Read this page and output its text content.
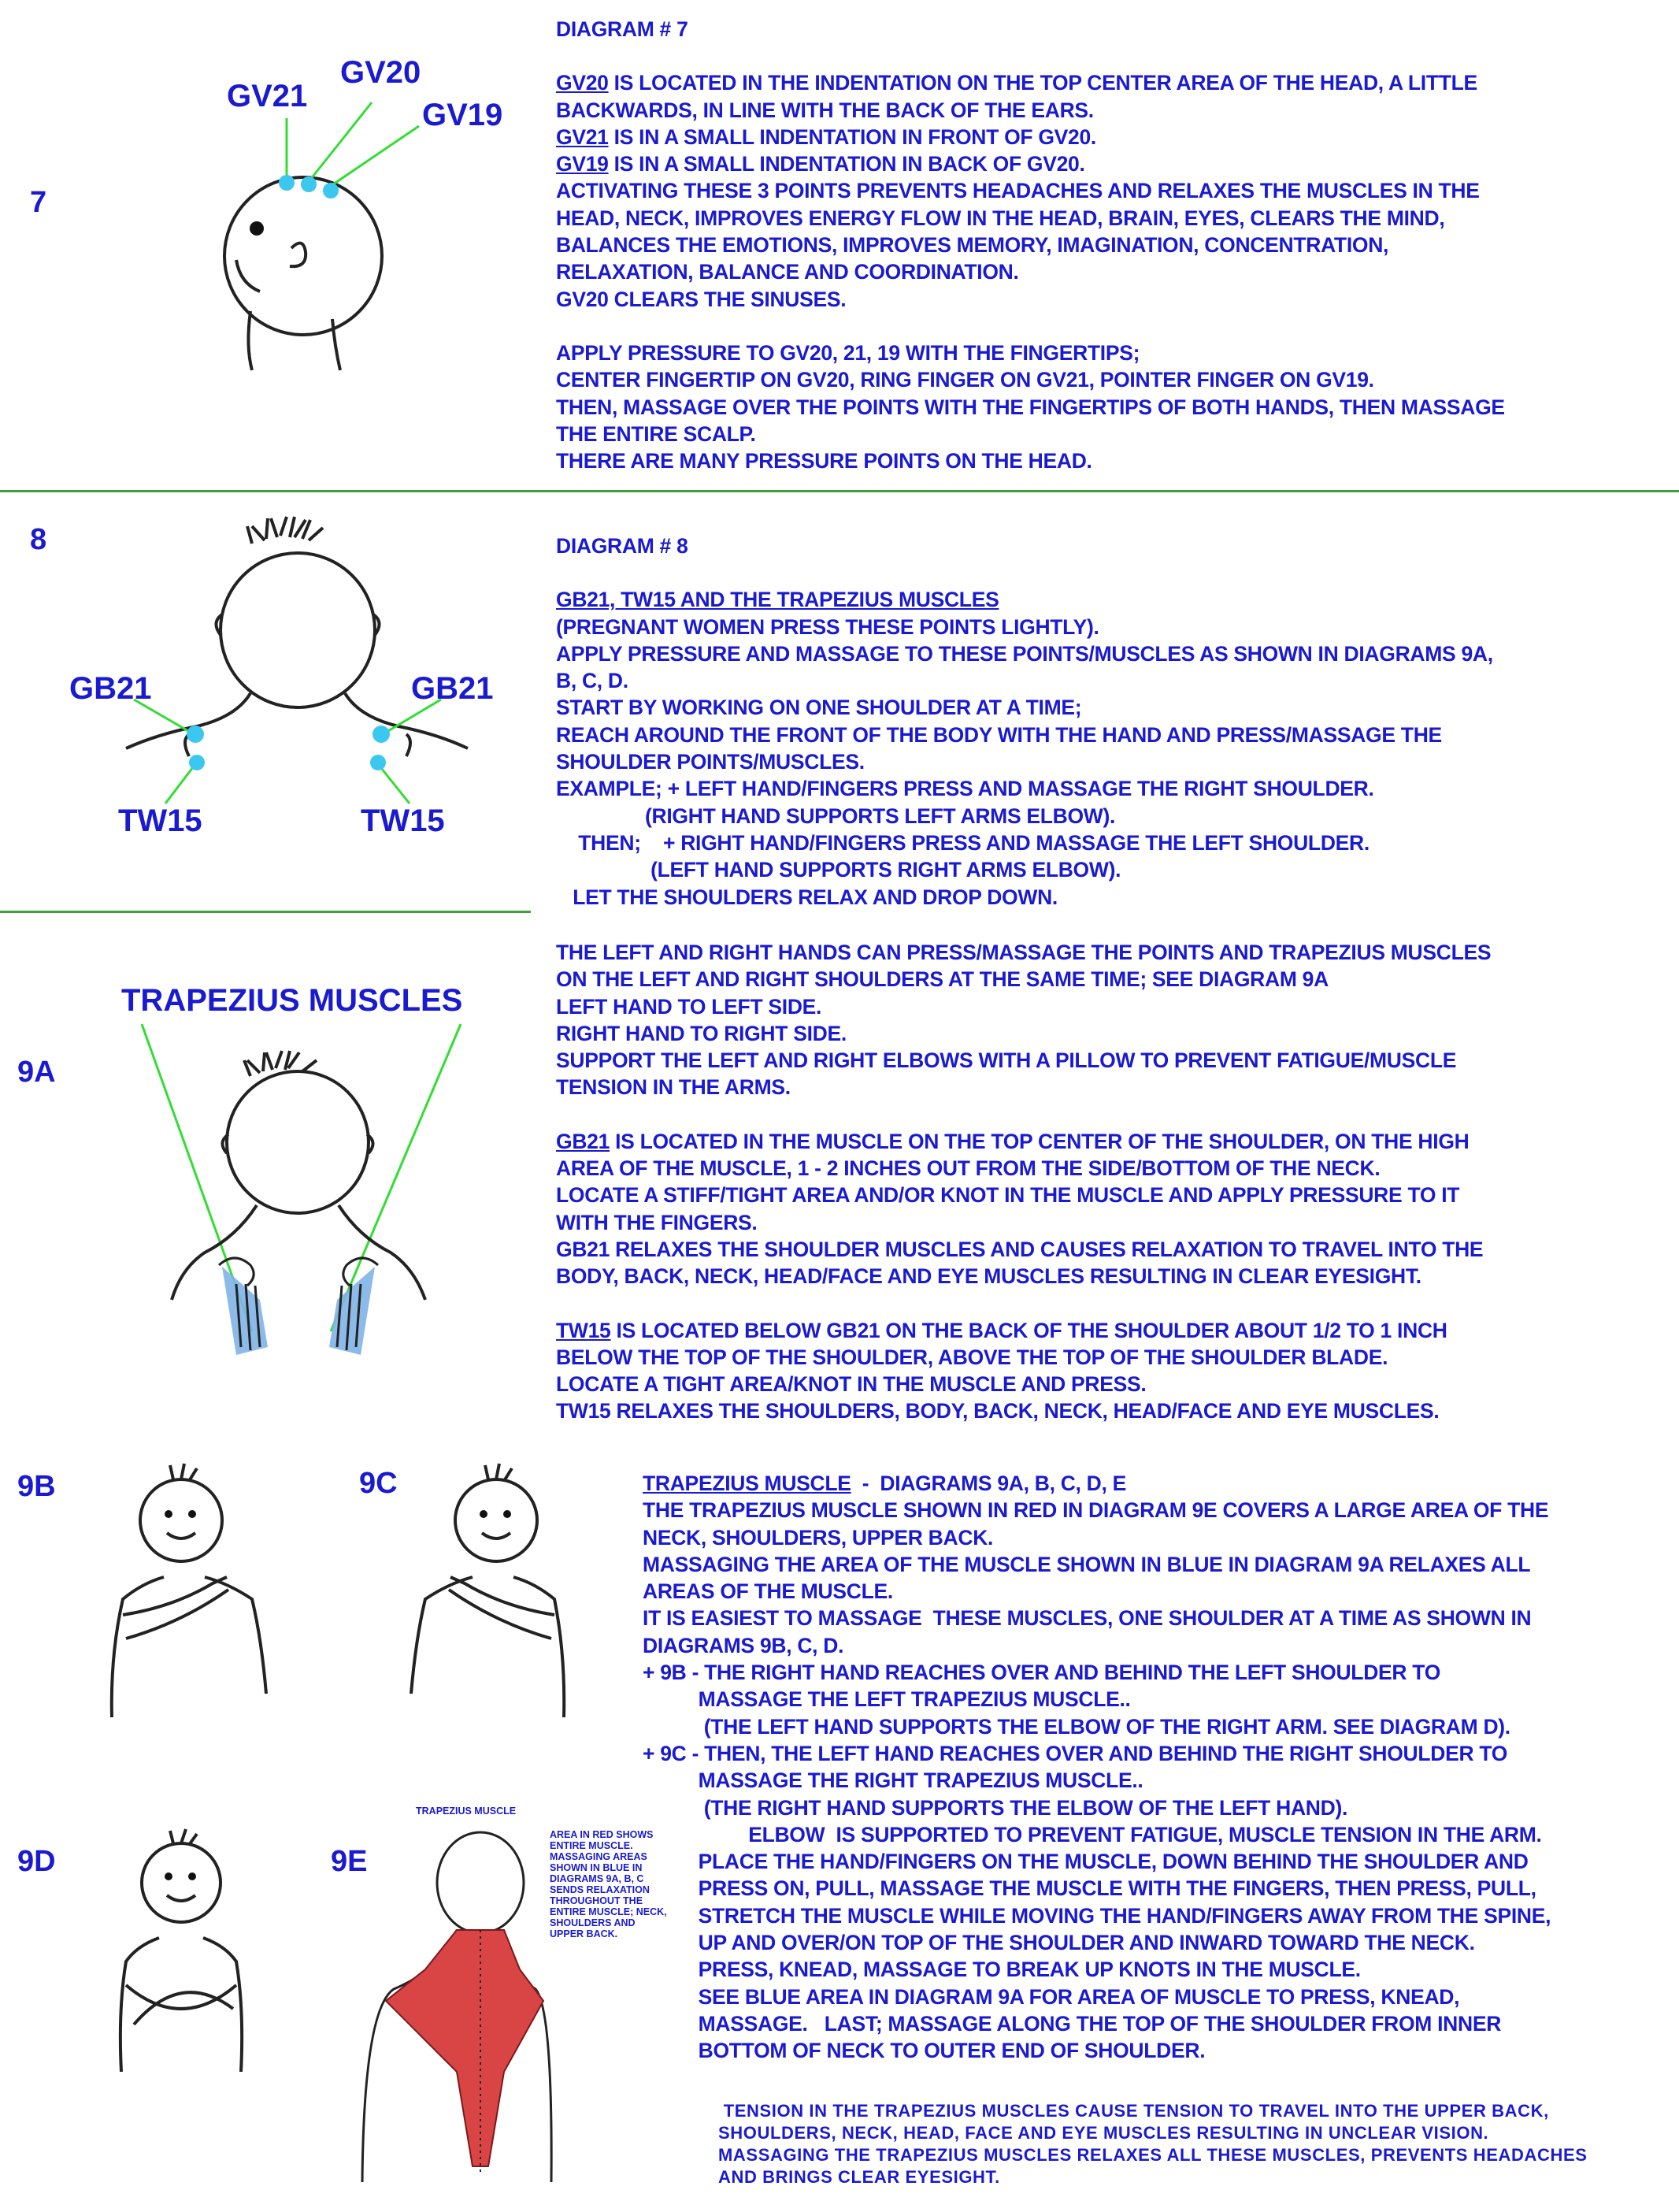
7
GV21
GV20
GV19
DIAGRAM # 7
GV20 IS LOCATED IN THE INDENTATION ON THE TOP CENTER AREA OF THE HEAD, A LITTLE
BACKWARDS, IN LINE WITH THE BACK OF THE EARS.
GV21 IS IN A SMALL INDENTATION IN FRONT OF GV20.
GV19 IS IN A SMALL INDENTATION IN BACK OF GV20.
ACTIVATING THESE 3 POINTS PREVENTS HEADACHES AND RELAXES THE MUSCLES IN THE
HEAD, NECK, IMPROVES ENERGY FLOW IN THE HEAD, BRAIN, EYES, CLEARS THE MIND,
BALANCES THE EMOTIONS, IMPROVES MEMORY, IMAGINATION, CONCENTRATION,
RELAXATION, BALANCE AND COORDINATION.
GV20 CLEARS THE SINUSES.
APPLY PRESSURE TO GV20, 21, 19 WITH THE FINGERTIPS;
CENTER FINGERTIP ON GV20, RING FINGER ON GV21, POINTER FINGER ON GV19.
THEN, MASSAGE OVER THE POINTS WITH THE FINGERTIPS OF BOTH HANDS, THEN MASSAGE
THE ENTIRE SCALP.
THERE ARE MANY PRESSURE POINTS ON THE HEAD.
8
GB21	GB21
TW15	TW15
DIAGRAM # 8
GB21, TW15 AND THE TRAPEZIUS MUSCLES
(PREGNANT WOMEN PRESS THESE POINTS LIGHTLY).
APPLY PRESSURE AND MASSAGE TO THESE POINTS/MUSCLES AS SHOWN IN DIAGRAMS 9A,
B, C, D.
START BY WORKING ON ONE SHOULDER AT A TIME;
REACH AROUND THE FRONT OF THE BODY WITH THE HAND AND PRESS/MASSAGE THE
SHOULDER POINTS/MUSCLES.
EXAMPLE; + LEFT HAND/FINGERS PRESS AND MASSAGE THE RIGHT SHOULDER.
(RIGHT HAND SUPPORTS LEFT ARMS ELBOW).
THEN;    + RIGHT HAND/FINGERS PRESS AND MASSAGE THE LEFT SHOULDER.
(LEFT HAND SUPPORTS RIGHT ARMS ELBOW).
LET THE SHOULDERS RELAX AND DROP DOWN.
9A
TRAPEZIUS MUSCLES
THE LEFT AND RIGHT HANDS CAN PRESS/MASSAGE THE POINTS AND TRAPEZIUS MUSCLES
ON THE LEFT AND RIGHT SHOULDERS AT THE SAME TIME; SEE DIAGRAM 9A
LEFT HAND TO LEFT SIDE.
RIGHT HAND TO RIGHT SIDE.
SUPPORT THE LEFT AND RIGHT ELBOWS WITH A PILLOW TO PREVENT FATIGUE/MUSCLE
TENSION IN THE ARMS.
GB21 IS LOCATED IN THE MUSCLE ON THE TOP CENTER OF THE SHOULDER, ON THE HIGH
AREA OF THE MUSCLE, 1 - 2 INCHES OUT FROM THE SIDE/BOTTOM OF THE NECK.
LOCATE A STIFF/TIGHT AREA AND/OR KNOT IN THE MUSCLE AND APPLY PRESSURE TO IT
WITH THE FINGERS.
GB21 RELAXES THE SHOULDER MUSCLES AND CAUSES RELAXATION TO TRAVEL INTO THE
BODY, BACK, NECK, HEAD/FACE AND EYE MUSCLES RESULTING IN CLEAR EYESIGHT.
TW15 IS LOCATED BELOW GB21 ON THE BACK OF THE SHOULDER ABOUT 1/2 TO 1 INCH
BELOW THE TOP OF THE SHOULDER, ABOVE THE TOP OF THE SHOULDER BLADE.
LOCATE A TIGHT AREA/KNOT IN THE MUSCLE AND PRESS.
TW15 RELAXES THE SHOULDERS, BODY, BACK, NECK, HEAD/FACE AND EYE MUSCLES.
9B	9C
9D	9E
TRAPEZIUS MUSCLE
AREA IN RED SHOWS
ENTIRE MUSCLE.
MASSAGING AREAS
SHOWN IN BLUE IN
DIAGRAMS 9A, B, C
SENDS RELAXATION
THROUGHOUT THE
ENTIRE MUSCLE; NECK,
SHOULDERS AND
UPPER BACK.
TRAPEZIUS MUSCLE  -  DIAGRAMS 9A, B, C, D, E
THE TRAPEZIUS MUSCLE SHOWN IN RED IN DIAGRAM 9E COVERS A LARGE AREA OF THE
NECK, SHOULDERS, UPPER BACK.
MASSAGING THE AREA OF THE MUSCLE SHOWN IN BLUE IN DIAGRAM 9A RELAXES ALL
AREAS OF THE MUSCLE.
IT IS EASIEST TO MASSAGE  THESE MUSCLES, ONE SHOULDER AT A TIME AS SHOWN IN
DIAGRAMS 9B, C, D.
+ 9B - THE RIGHT HAND REACHES OVER AND BEHIND THE LEFT SHOULDER TO
MASSAGE THE LEFT TRAPEZIUS MUSCLE..
(THE LEFT HAND SUPPORTS THE ELBOW OF THE RIGHT ARM. SEE DIAGRAM D).
+ 9C - THEN, THE LEFT HAND REACHES OVER AND BEHIND THE RIGHT SHOULDER TO
MASSAGE THE RIGHT TRAPEZIUS MUSCLE..
(THE RIGHT HAND SUPPORTS THE ELBOW OF THE LEFT HAND).
ELBOW  IS SUPPORTED TO PREVENT FATIGUE, MUSCLE TENSION IN THE ARM.
PLACE THE HAND/FINGERS ON THE MUSCLE, DOWN BEHIND THE SHOULDER AND
PRESS ON, PULL, MASSAGE THE MUSCLE WITH THE FINGERS, THEN PRESS, PULL,
STRETCH THE MUSCLE WHILE MOVING THE HAND/FINGERS AWAY FROM THE SPINE,
UP AND OVER/ON TOP OF THE SHOULDER AND INWARD TOWARD THE NECK.
PRESS, KNEAD, MASSAGE TO BREAK UP KNOTS IN THE MUSCLE.
SEE BLUE AREA IN DIAGRAM 9A FOR AREA OF MUSCLE TO PRESS, KNEAD,
MASSAGE.   LAST; MASSAGE ALONG THE TOP OF THE SHOULDER FROM INNER
BOTTOM OF NECK TO OUTER END OF SHOULDER.
TENSION IN THE TRAPEZIUS MUSCLES CAUSE TENSION TO TRAVEL INTO THE UPPER BACK,
SHOULDERS, NECK, HEAD, FACE AND EYE MUSCLES RESULTING IN UNCLEAR VISION.
MASSAGING THE TRAPEZIUS MUSCLES RELAXES ALL THESE MUSCLES, PREVENTS HEADACHES
AND BRINGS CLEAR EYESIGHT.
